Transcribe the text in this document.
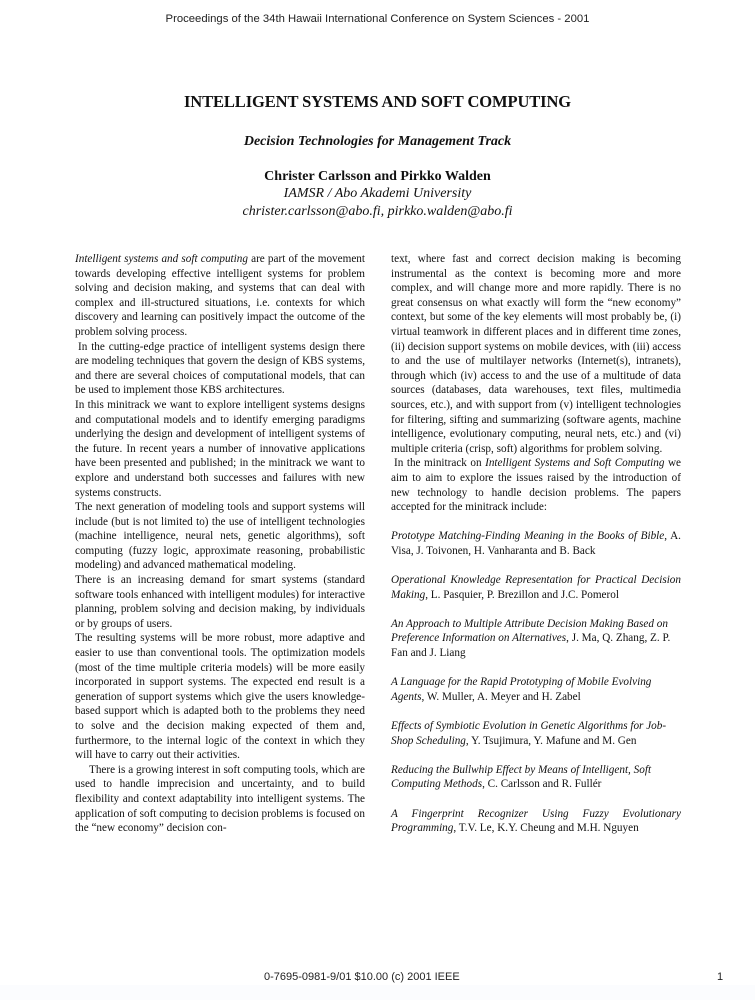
Proceedings of the 34th Hawaii International Conference on System Sciences - 2001
INTELLIGENT SYSTEMS AND SOFT COMPUTING
Decision Technologies for Management Track
Christer Carlsson and Pirkko Walden
IAMSR / Abo Akademi University
christer.carlsson@abo.fi, pirkko.walden@abo.fi

Intelligent systems and soft computing are part of the movement towards developing effective intelligent systems for problem solving and decision making, and systems that can deal with complex and ill-structured situations, i.e. contexts for which discovery and learning can positively impact the outcome of the problem solving process.

In the cutting-edge practice of intelligent systems design there are modeling techniques that govern the design of KBS systems, and there are several choices of computational models, that can be used to implement those KBS architectures.

In this minitrack we want to explore intelligent systems designs and computational models and to identify emerging paradigms underlying the design and development of intelligent systems of the future. In recent years a number of innovative applications have been presented and published; in the minitrack we want to explore and understand both successes and failures with new systems constructs.

The next generation of modeling tools and support systems will include (but is not limited to) the use of intelligent technologies (machine intelligence, neural nets, genetic algorithms), soft computing (fuzzy logic, approximate reasoning, probabilistic modeling) and advanced mathematical modeling.

There is an increasing demand for smart systems (standard software tools enhanced with intelligent modules) for interactive planning, problem solving and decision making, by individuals or by groups of users.

The resulting systems will be more robust, more adaptive and easier to use than conventional tools. The optimization models (most of the time multiple criteria models) will be more easily incorporated in support systems. The expected end result is a generation of support systems which give the users knowledge-based support which is adapted both to the problems they need to solve and the decision making expected of them and, furthermore, to the internal logic of the context in which they will have to carry out their activities.

There is a growing interest in soft computing tools, which are used to handle imprecision and uncertainty, and to build flexibility and context adaptability into intelligent systems. The application of soft computing to decision problems is focused on the “new economy” decision con-

text, where fast and correct decision making is becoming instrumental as the context is becoming more and more complex, and will change more and more rapidly. There is no great consensus on what exactly will form the “new economy” context, but some of the key elements will most probably be, (i) virtual teamwork in different places and in different time zones, (ii) decision support systems on mobile devices, with (iii) access to and the use of multilayer networks (Internet(s), intranets), through which (iv) access to and the use of a multitude of data sources (databases, data warehouses, text files, multimedia sources, etc.), and with support from (v) intelligent technologies for filtering, sifting and summarizing (software agents, machine intelligence, evolutionary computing, neural nets, etc.) and (vi) multiple criteria (crisp, soft) algorithms for problem solving.

In the minitrack on Intelligent Systems and Soft Computing we aim to aim to explore the issues raised by the introduction of new technology to handle decision problems. The papers accepted for the minitrack include:

Prototype Matching-Finding Meaning in the Books of Bible, A. Visa, J. Toivonen, H. Vanharanta and B. Back

Operational Knowledge Representation for Practical Decision Making, L. Pasquier, P. Brezillon and J.C. Pomerol

An Approach to Multiple Attribute Decision Making Based on Preference Information on Alternatives, J. Ma, Q. Zhang, Z. P. Fan and J. Liang

A Language for the Rapid Prototyping of Mobile Evolving Agents, W. Muller, A. Meyer and H. Zabel

Effects of Symbiotic Evolution in Genetic Algorithms for Job-Shop Scheduling, Y. Tsujimura, Y. Mafune and M. Gen

Reducing the Bullwhip Effect by Means of Intelligent, Soft Computing Methods, C. Carlsson and R. Fullér

A Fingerprint Recognizer Using Fuzzy Evolutionary Programming, T.V. Le, K.Y. Cheung and M.H. Nguyen

0-7695-0981-9/01 $10.00 (c) 2001 IEEE	1
